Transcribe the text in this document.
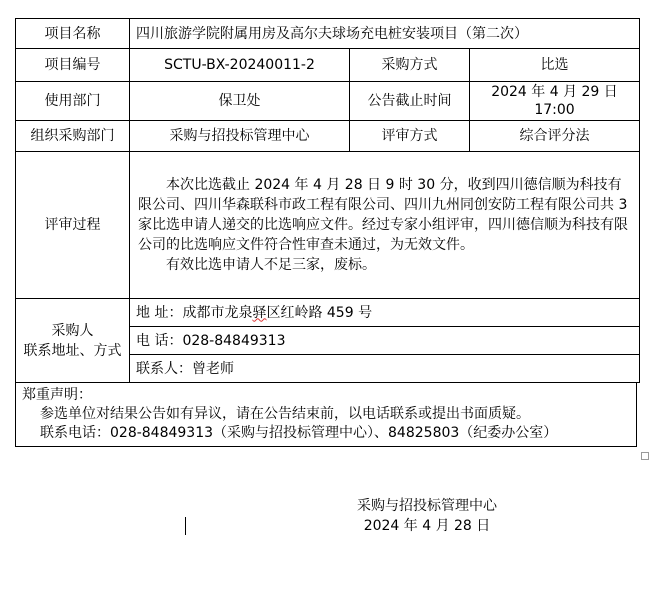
项目名称	四川旅游学院附属用房及高尔夫球场充电桩安装项目（第二次）		
项目编号	SCTU-BX-20240011-2	采购方式	比选
使用部门	保卫处	公告截止时间	2024 年 4 月 29 日
17:00

组织采购部门	采购与招投标管理中心	评审方式	综合评分法
评审过程	本次比选截止 2024 年 4 月 28 日 9 时 30 分，收到四川德信顺为科技有限公司、四川华森联科市政工程有限公司、四川九州同创安防工程有限公司共 3 家比选申请人递交的比选响应文件。经过专家小组评审，四川德信顺为科技有限公司的比选响应文件符合性审查未通过，为无效文件。

有效比选申请人不足三家，废标。		

采购人
联系地址、方式	地 址：成都市龙泉驿区红岭路 459 号		
	电 话：028-84849313		
	联系人：曾老师		
郑重声明：
参选单位对结果公告如有异议，请在公告结束前，以电话联系或提出书面质疑。
联系电话：028-84849313（采购与招投标管理中心）、84825803（纪委办公室）
采购与招投标管理中心
2024 年 4 月 28 日
